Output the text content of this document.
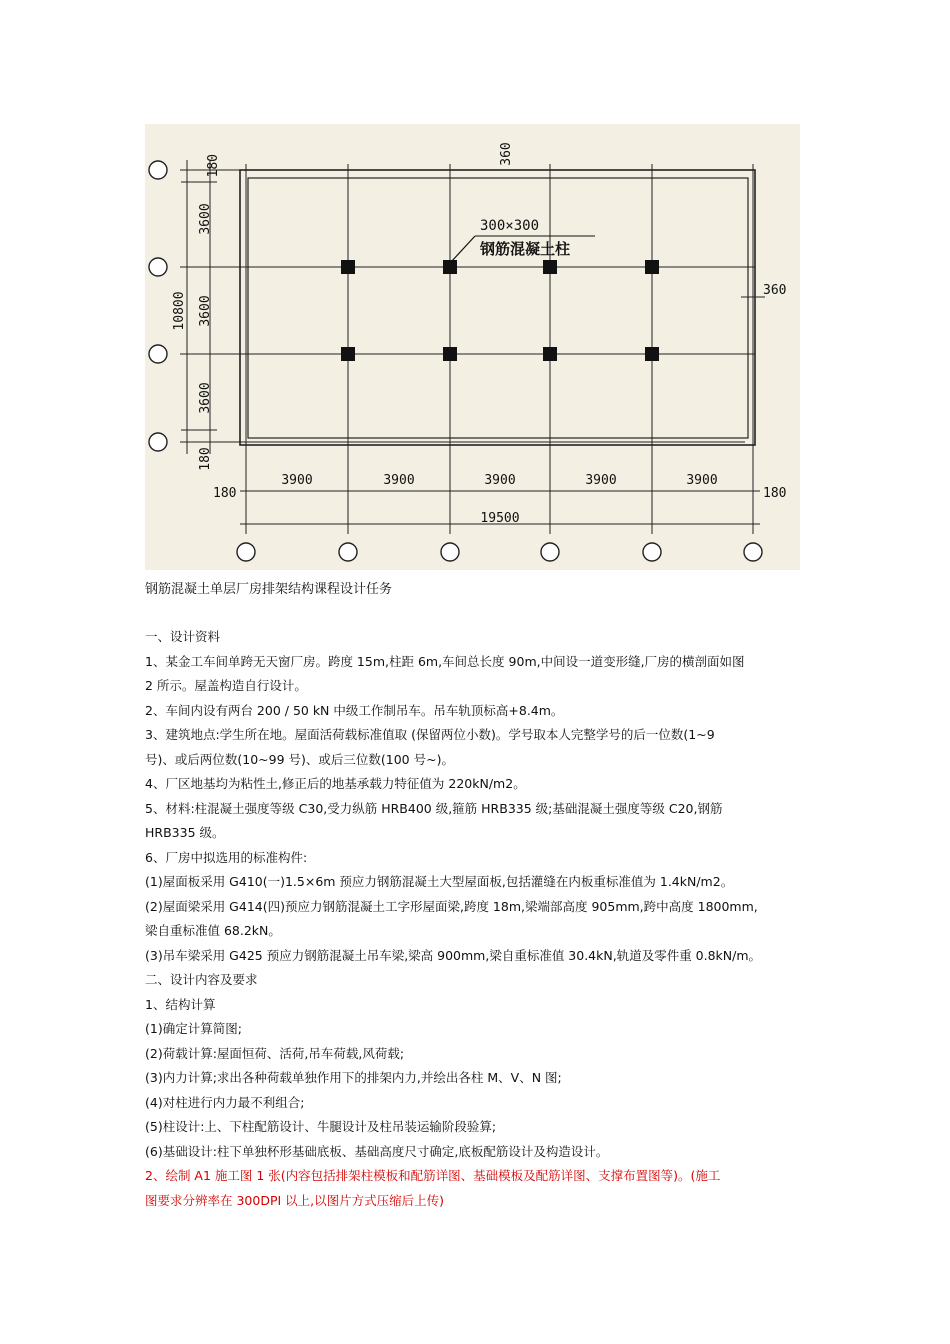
180	360
360
3600
3600
3600
10800
180
180	180
3900	3900	3900	3900	3900
19500
300×300
钢筋混凝土柱
钢筋混凝土单层厂房排架结构课程设计任务

一、设计资料

1、某金工车间单跨无天窗厂房。跨度 15m,柱距 6m,车间总长度 90m,中间设一道变形缝,厂房的横剖面如图

2 所示。屋盖构造自行设计。

2、车间内设有两台 200 / 50 kN 中级工作制吊车。吊车轨顶标高+8.4m。

3、建筑地点:学生所在地。屋面活荷载标准值取 (保留两位小数)。学号取本人完整学号的后一位数(1~9

号)、或后两位数(10~99 号)、或后三位数(100 号~)。

4、厂区地基均为粘性土,修正后的地基承载力特征值为 220kN/m2。

5、材料:柱混凝土强度等级 C30,受力纵筋 HRB400 级,箍筋 HRB335 级;基础混凝土强度等级 C20,钢筋

HRB335 级。

6、厂房中拟选用的标准构件:

(1)屋面板采用 G410(一)1.5×6m 预应力钢筋混凝土大型屋面板,包括灌缝在内板重标准值为 1.4kN/m2。

(2)屋面梁采用 G414(四)预应力钢筋混凝土工字形屋面梁,跨度 18m,梁端部高度 905mm,跨中高度 1800mm,

梁自重标准值 68.2kN。

(3)吊车梁采用 G425 预应力钢筋混凝土吊车梁,梁高 900mm,梁自重标准值 30.4kN,轨道及零件重 0.8kN/m。

二、设计内容及要求

1、结构计算

(1)确定计算简图;

(2)荷载计算:屋面恒荷、活荷,吊车荷载,风荷载;

(3)内力计算;求出各种荷载单独作用下的排架内力,并绘出各柱 M、V、N 图;

(4)对柱进行内力最不利组合;

(5)柱设计:上、下柱配筋设计、牛腿设计及柱吊装运输阶段验算;

(6)基础设计:柱下单独杯形基础底板、基础高度尺寸确定,底板配筋设计及构造设计。

2、绘制 A1 施工图 1 张(内容包括排架柱模板和配筋详图、基础模板及配筋详图、支撑布置图等)。(施工

图要求分辨率在 300DPI 以上,以图片方式压缩后上传)
